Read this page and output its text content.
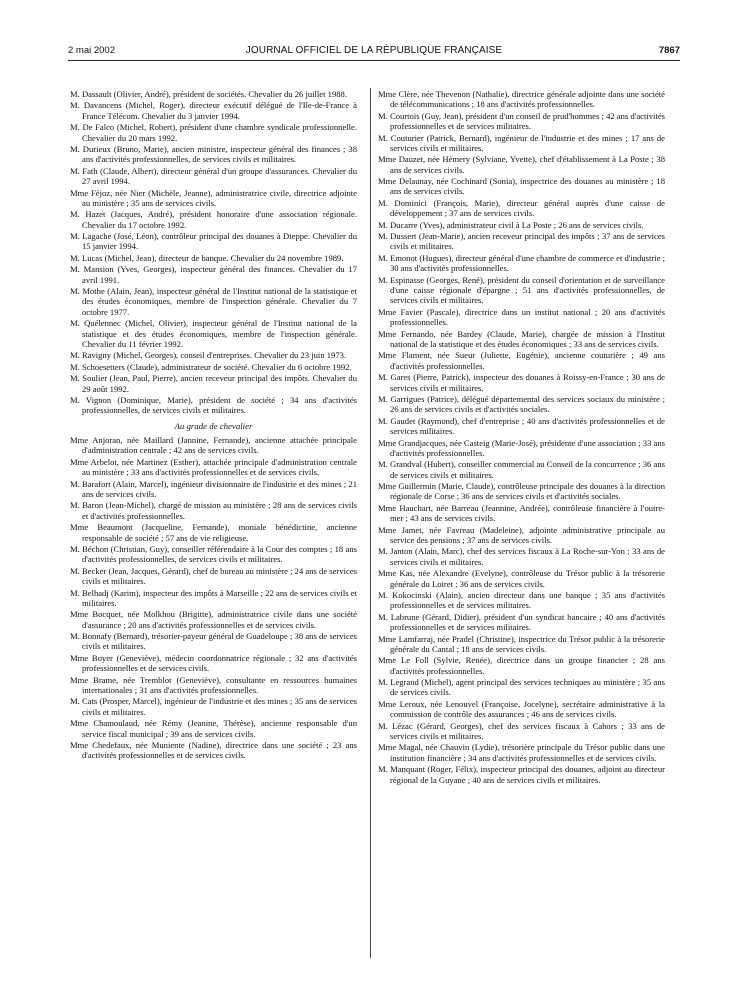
2 mai 2002	JOURNAL OFFICIEL DE LA RÉPUBLIQUE FRANÇAISE	7867

M. Dassault (Olivier, André), président de sociétés. Chevalier du 26 juillet 1988.

M. Davancens (Michel, Roger), directeur exécutif délégué de l'Ile-de-France à France Télécom. Chevalier du 3 janvier 1994.

M. De Falco (Michel, Robert), président d'une chambre syndicale professionnelle. Chevalier du 20 mars 1992.

M. Durieux (Bruno, Marie), ancien ministre, inspecteur général des finances ; 38 ans d'activités professionnelles, de services civils et militaires.

M. Fath (Claude, Albert), directeur général d'un groupe d'assurances. Chevalier du 27 avril 1994.

Mme Féjoz, née Nier (Michèle, Jeanne), administratrice civile, directrice adjointe au ministère ; 35 ans de services civils.

M. Hazet (Jacques, André), président honoraire d'une association régionale. Chevalier du 17 octobre 1992.

M. Lagache (José, Léon), contrôleur principal des douanes à Dieppe. Chevalier du 15 janvier 1994.

M. Lucas (Michel, Jean), directeur de banque. Chevalier du 24 novembre 1989.

M. Mansion (Yves, Georges), inspecteur général des finances. Chevalier du 17 avril 1991.

M. Mothe (Alain, Jean), inspecteur général de l'Institut national de la statistique et des études économiques, membre de l'inspection générale. Chevalier du 7 octobre 1977.

M. Quélennec (Michel, Olivier), inspecteur général de l'Institut national de la statistique et des études économiques, membre de l'inspection générale. Chevalier du 11 février 1992.

M. Ravigny (Michel, Georges), conseil d'entreprises. Chevalier du 23 juin 1973.

M. Schoesetters (Claude), administrateur de société. Chevalier du 6 octobre 1992.

M. Soulier (Jean, Paul, Pierre), ancien receveur principal des impôts. Chevalier du 29 août 1992.

M. Vignon (Dominique, Marie), président de société ; 34 ans d'activités professionnelles, de services civils et militaires.

Au grade de chevalier

Mme Anjoran, née Maillard (Jannine, Fernande), ancienne attachée principale d'administration centrale ; 42 ans de services civils.

Mme Arbelot, née Martinez (Esther), attachée principale d'administration centrale au ministère ; 33 ans d'activités professionnelles et de services civils.

M. Barafort (Alain, Marcel), ingénieur divisionnaire de l'industrie et des mines ; 21 ans de services civils.

M. Baron (Jean-Michel), chargé de mission au ministère ; 28 ans de services civils et d'activités professionnelles.

Mme Beaumont (Jacqueline, Fernande), moniale bénédictine, ancienne responsable de société ; 57 ans de vie religieuse.

M. Béchon (Christian, Guy), conseiller référendaire à la Cour des comptes ; 18 ans d'activités professionnelles, de services civils et militaires.

M. Becker (Jean, Jacques, Gérard), chef de bureau au ministère ; 24 ans de services civils et militaires.

M. Belhadj (Karim), inspecteur des impôts à Marseille ; 22 ans de services civils et militaires.

Mme Bocquet, née Molkhou (Brigitte), administratrice civile dans une société d'assurance ; 20 ans d'activités professionnelles et de services civils.

M. Bonnafy (Bernard), trésorier-payeur général de Guadeloupe ; 38 ans de services civils et militaires.

Mme Boyer (Geneviève), médecin coordonnatrice régionale ; 32 ans d'activités professionnelles et de services civils.

Mme Brame, née Tremblot (Geneviève), consultante en ressources humaines internationales ; 31 ans d'activités professionnelles.

M. Cats (Prosper, Marcel), ingénieur de l'industrie et des mines ; 35 ans de services civils et militaires.

Mme Chamoulaud, née Rémy (Jeanine, Thérèse), ancienne responsable d'un service fiscal municipal ; 39 ans de services civils.

Mme Chedefaux, née Muniente (Nadine), directrice dans une société ; 23 ans d'activités professionnelles et de services civils.

Mme Clère, née Thevenon (Nathalie), directrice générale adjointe dans une société de télécommunications ; 18 ans d'activités professionnelles.

M. Courtois (Guy, Jean), président d'un conseil de prud'hommes ; 42 ans d'activités professionnelles et de services militaires.

M. Couturier (Patrick, Bernard), ingénieur de l'industrie et des mines ; 17 ans de services civils et militaires.

Mme Dauzet, née Hémery (Sylviane, Yvette), chef d'établissement à La Poste ; 38 ans de services civils.

Mme Delaunay, née Cochinard (Sonia), inspectrice des douanes au ministère ; 18 ans de services civils.

M. Dominici (François, Marie), directeur général auprès d'une caisse de développement ; 37 ans de services civils.

M. Ducarre (Yves), administrateur civil à La Poste ; 26 ans de services civils.

M. Dussert (Jean-Marie), ancien receveur principal des impôts ; 37 ans de services civils et militaires.

M. Emonot (Hugues), directeur général d'une chambre de commerce et d'industrie ; 30 ans d'activités professionnelles.

M. Espinasse (Georges, René), président du conseil d'orientation et de surveillance d'une caisse régionale d'épargne ; 51 ans d'activités professionnelles, de services civils et militaires.

Mme Favier (Pascale), directrice dans un institut national ; 20 ans d'activités professionnelles.

Mme Fernando, née Bardey (Claude, Marie), chargée de mission à l'Institut national de la statistique et des études économiques ; 33 ans de services civils.

Mme Flament, née Sueur (Juliette, Eugénie), ancienne couturière ; 49 ans d'activités professionnelles.

M. Gares (Pierre, Patrick), inspecteur des douanes à Roissy-en-France ; 30 ans de services civils et militaires.

M. Garrigues (Patrice), délégué départemental des services sociaux du ministère ; 26 ans de services civils et d'activités sociales.

M. Gaudet (Raymond), chef d'entreprise ; 40 ans d'activités professionnelles et de services militaires.

Mme Grandjacques, née Casteig (Marie-José), présidente d'une association ; 33 ans d'activités professionnelles.

M. Grandval (Hubert), conseiller commercial au Conseil de la concurrence ; 36 ans de services civils et militaires.

Mme Guillermin (Marie, Claude), contrôleuse principale des douanes à la direction régionale de Corse ; 36 ans de services civils et d'activités sociales.

Mme Hauchart, née Barreau (Jeannine, Andrée), contrôleuse financière à l'outre-mer ; 43 ans de services civils.

Mme Jamet, née Favreau (Madeleine), adjointe administrative principale au service des pensions ; 37 ans de services civils.

M. Janton (Alain, Marc), chef des services fiscaux à La Roche-sur-Yon ; 33 ans de services civils et militaires.

Mme Kas, née Alexandre (Evelyne), contrôleuse du Trésor public à la trésorerie générale du Loiret ; 36 ans de services civils.

M. Kokocinski (Alain), ancien directeur dans une banque ; 35 ans d'activités professionnelles et de services militaires.

M. Labrune (Gérard, Didier), président d'un syndicat bancaire ; 40 ans d'activités professionnelles et de services militaires.

Mme Lamfarraj, née Pradel (Christine), inspectrice du Trésor public à la trésorerie générale du Cantal ; 18 ans de services civils.

Mme Le Foll (Sylvie, Renée), directrice dans un groupe financier ; 28 ans d'activités professionnelles.

M. Legrand (Michel), agent principal des services techniques au ministère ; 35 ans de services civils.

Mme Leroux, née Lenouvel (Françoise, Jocelyne), secrétaire administrative à la commission de contrôle des assurances ; 46 ans de services civils.

M. Lézac (Gérard, Georges), chef des services fiscaux à Cahors ; 33 ans de services civils et militaires.

Mme Magal, née Chauvin (Lydie), trésorière principale du Trésor public dans une institution financière ; 34 ans d'activités professionnelles et de services civils.

M. Manquant (Roger, Félix), inspecteur principal des douanes, adjoint au directeur régional de la Guyane ; 40 ans de services civils et militaires.
